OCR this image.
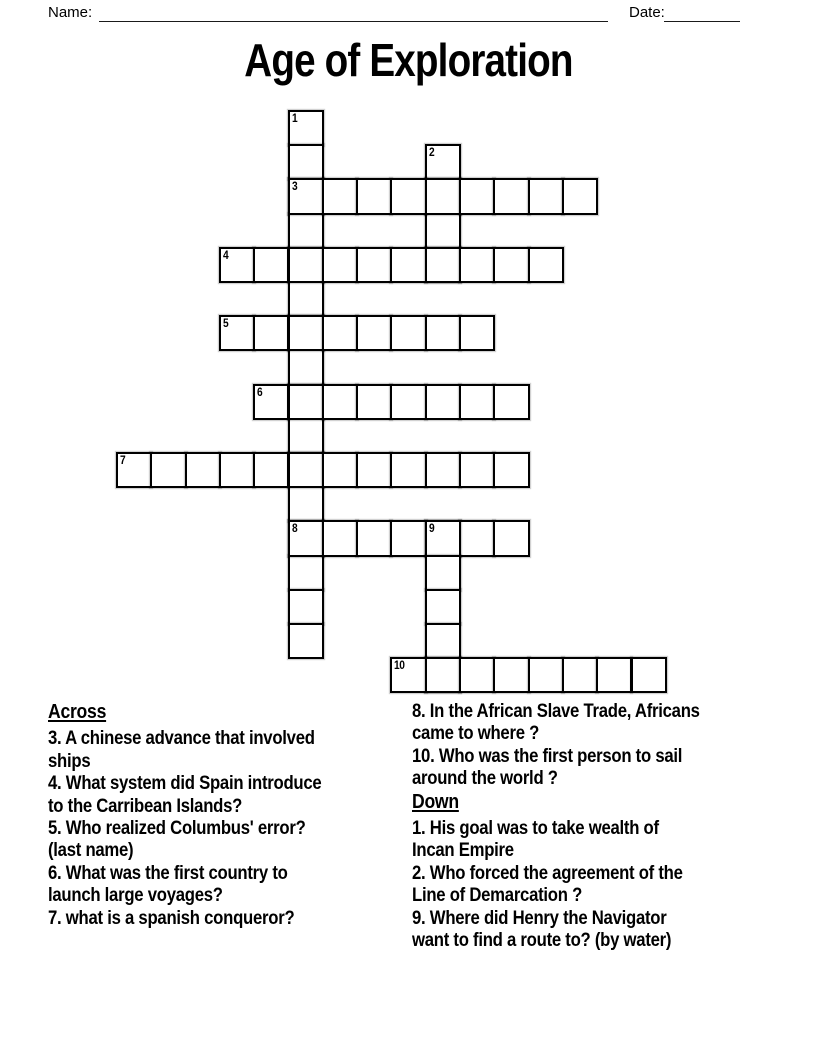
Name:	Date:
Age of Exploration
1
2
3
4
5
6
7
8	9
10
Across

3. A chinese advance that involved
ships

4. What system did Spain introduce
to the Carribean Islands?

5. Who realized Columbus' error?
(last name)

6. What was the first country to
launch large voyages?

7. what is a spanish conqueror?

8. In the African Slave Trade, Africans
came to where ?

10. Who was the first person to sail
around the world ?

Down

1. His goal was to take wealth of
Incan Empire

2. Who forced the agreement of the
Line of Demarcation ?

9. Where did Henry the Navigator
want to find a route to? (by water)
